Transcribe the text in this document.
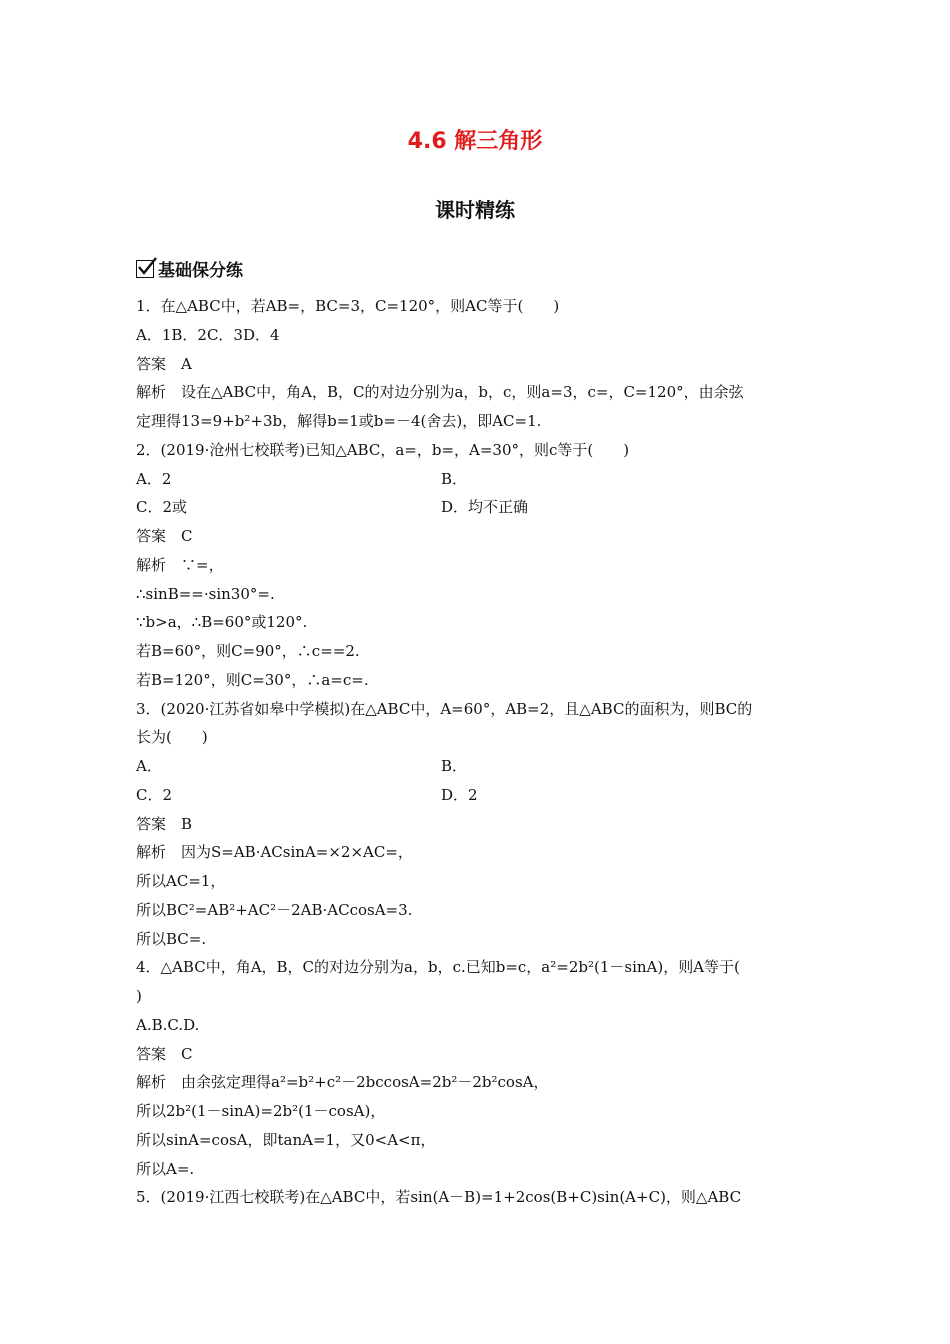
4.6 解三角形
课时精练
基础保分练
1．在△ABC中，若AB=，BC=3，C=120°，则AC等于(　　)
A．1B．2C．3D．4
答案　A
解析　设在△ABC中，角A，B，C的对边分别为a，b，c，则a=3，c=，C=120°，由余弦
定理得13=9+b²+3b，解得b=1或b=－4(舍去)，即AC=1.
2．(2019·沧州七校联考)已知△ABC，a=，b=，A=30°，则c等于(　　)
A．2	B．
C．2或	D．均不正确
答案　C
解析　∵=，
∴sinB==·sin30°=.
∵b>a，∴B=60°或120°.
若B=60°，则C=90°，∴c==2.
若B=120°，则C=30°，∴a=c=.
3．(2020·江苏省如皋中学模拟)在△ABC中，A=60°，AB=2，且△ABC的面积为，则BC的
长为(　　)
A．	B．
C．2	D．2
答案　B
解析　因为S=AB·ACsinA=×2×AC=，
所以AC=1，
所以BC²=AB²+AC²－2AB·ACcosA=3.
所以BC=.
4．△ABC中，角A，B，C的对边分别为a，b，c.已知b=c，a²=2b²(1－sinA)，则A等于(
)
A.B.C.D.
答案　C
解析　由余弦定理得a²=b²+c²－2bccosA=2b²－2b²cosA，
所以2b²(1－sinA)=2b²(1－cosA)，
所以sinA=cosA，即tanA=1，又0<A<π，
所以A=.
5．(2019·江西七校联考)在△ABC中，若sin(A－B)=1+2cos(B+C)sin(A+C)，则△ABC
